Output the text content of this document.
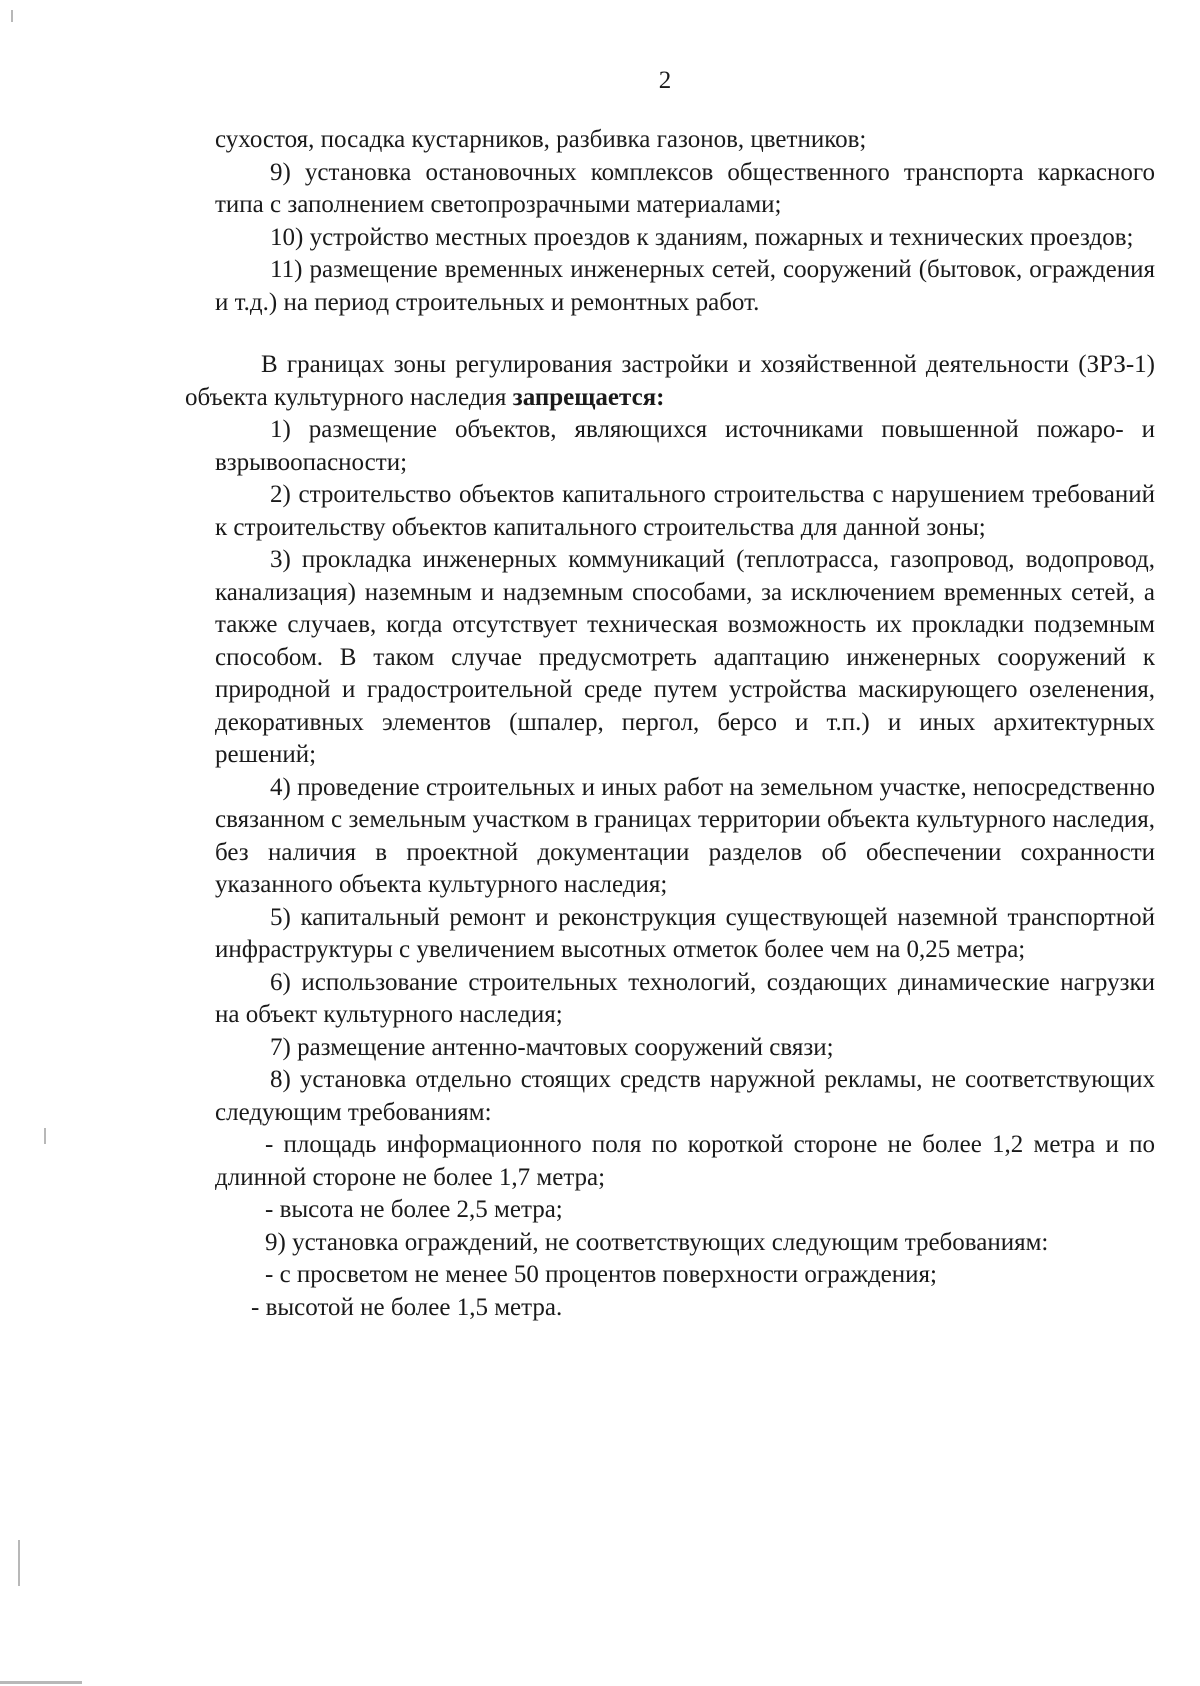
2

сухостоя, посадка кустарников, разбивка газонов, цветников;

9) установка остановочных комплексов общественного транспорта каркасного типа с заполнением светопрозрачными материалами;

10) устройство местных проездов к зданиям, пожарных и технических проездов;

11) размещение временных инженерных сетей, сооружений (бытовок, ограждения и т.д.) на период строительных и ремонтных работ.

В границах зоны регулирования застройки и хозяйственной деятельности (ЗРЗ-1) объекта культурного наследия запрещается:

1) размещение объектов, являющихся источниками повышенной пожаро- и взрывоопасности;

2) строительство объектов капитального строительства с нарушением требований к строительству объектов капитального строительства для данной зоны;

3) прокладка инженерных коммуникаций (теплотрасса, газопровод, водопровод, канализация) наземным и надземным способами, за исключением временных сетей, а также случаев, когда отсутствует техническая возможность их прокладки подземным способом. В таком случае предусмотреть адаптацию инженерных сооружений к природной и градостроительной среде путем устройства маскирующего озеленения, декоративных элементов (шпалер, пергол, берсо и т.п.) и иных архитектурных решений;

4) проведение строительных и иных работ на земельном участке, непосредственно связанном с земельным участком в границах территории объекта культурного наследия, без наличия в проектной документации разделов об обеспечении сохранности указанного объекта культурного наследия;

5) капитальный ремонт и реконструкция существующей наземной транспортной инфраструктуры с увеличением высотных отметок более чем на 0,25 метра;

6) использование строительных технологий, создающих динамические нагрузки на объект культурного наследия;

7) размещение антенно-мачтовых сооружений связи;

8) установка отдельно стоящих средств наружной рекламы, не соответствующих следующим требованиям:

- площадь информационного поля по короткой стороне не более 1,2 метра и по длинной стороне не более 1,7 метра;

- высота не более 2,5 метра;

9) установка ограждений, не соответствующих следующим требованиям:

- с просветом не менее 50 процентов поверхности ограждения;

- высотой не более 1,5 метра.
